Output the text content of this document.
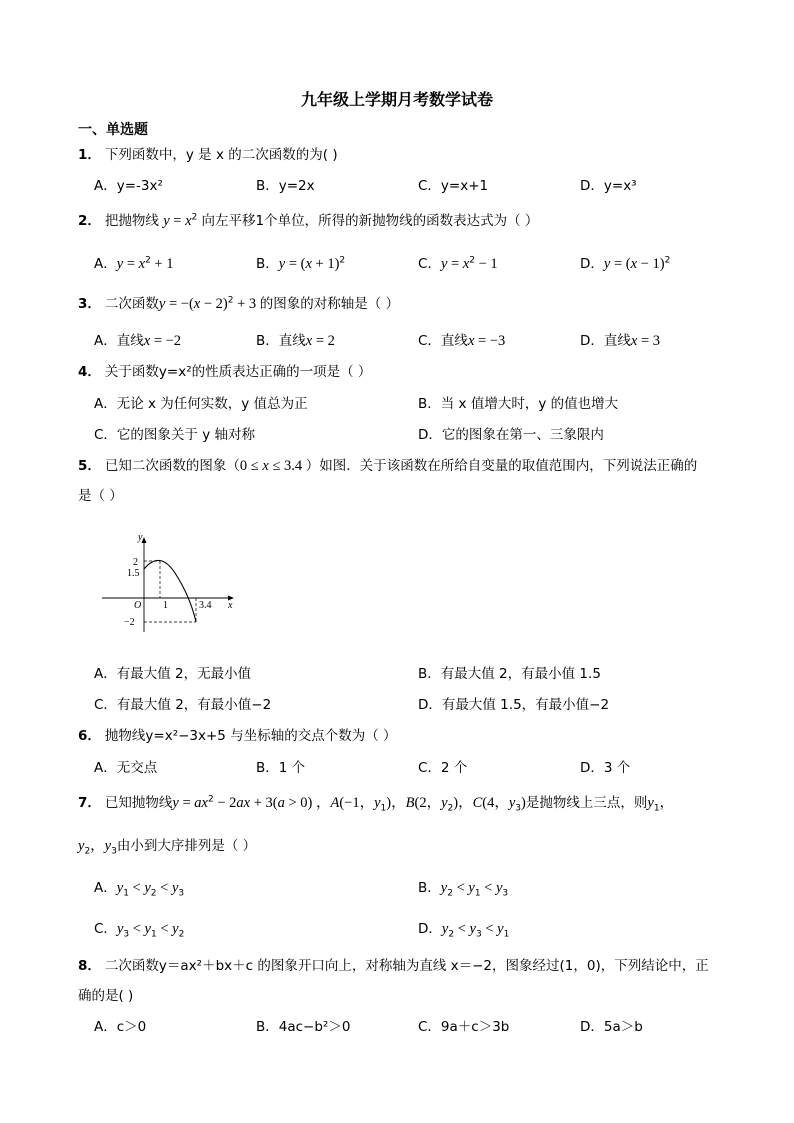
九年级上学期月考数学试卷
一、单选题
1． 下列函数中，y 是 x 的二次函数的为( )
A．y=-3x²	B．y=2x	C．y=x+1	D．y=x³
2． 把抛物线 $y = x^2$ 向左平移1个单位，所得的新抛物线的函数表达式为（ ）
A．$y = x^2 + 1$	B．$y = (x + 1)^2$	C．$y = x^2 - 1$	D．$y = (x - 1)^2$
3． 二次函数$y = -(x - 2)^2 + 3$ 的图象的对称轴是（ ）
A．直线x = −2	B．直线x = 2	C．直线x = −3	D．直线x = 3
4． 关于函数y=x²的性质表达正确的一项是（ ）
A．无论 x 为任何实数，y 值总为正	B．当 x 值增大时，y 的值也增大
C．它的图象关于 y 轴对称	D．它的图象在第一、三象限内
5． 已知二次函数的图象（0 ≤ x ≤ 3.4 ）如图．关于该函数在所给自变量的取值范围内，下列说法正确的
是（ ）
y
x
O
2
1.5
−2
1	3.4
A．有最大值 2，无最小值	B．有最大值 2，有最小值 1.5
C．有最大值 2，有最小值−2	D．有最大值 1.5，有最小值−2
6． 抛物线y=x²−3x+5 与坐标轴的交点个数为（ ）
A．无交点	B．1 个	C．2 个	D．3 个
7． 已知抛物线$y = ax^2 - 2ax + 3(a > 0)$ ，A(−1，$y_1$)，B(2，$y_2$)，C(4，$y_3$)是抛物线上三点，则$y_1$，
$y_2$，$y_3$由小到大序排列是（ ）
A．$y_1 < y_2 < y_3$	B．$y_2 < y_1 < y_3$
C．$y_3 < y_1 < y_2$	D．$y_2 < y_3 < y_1$
8． 二次函数y＝ax²＋bx＋c 的图象开口向上，对称轴为直线 x＝−2，图象经过(1，0)，下列结论中，正
确的是( )
A．c＞0	B．4ac−b²＞0	C．9a＋c＞3b	D．5a＞b
